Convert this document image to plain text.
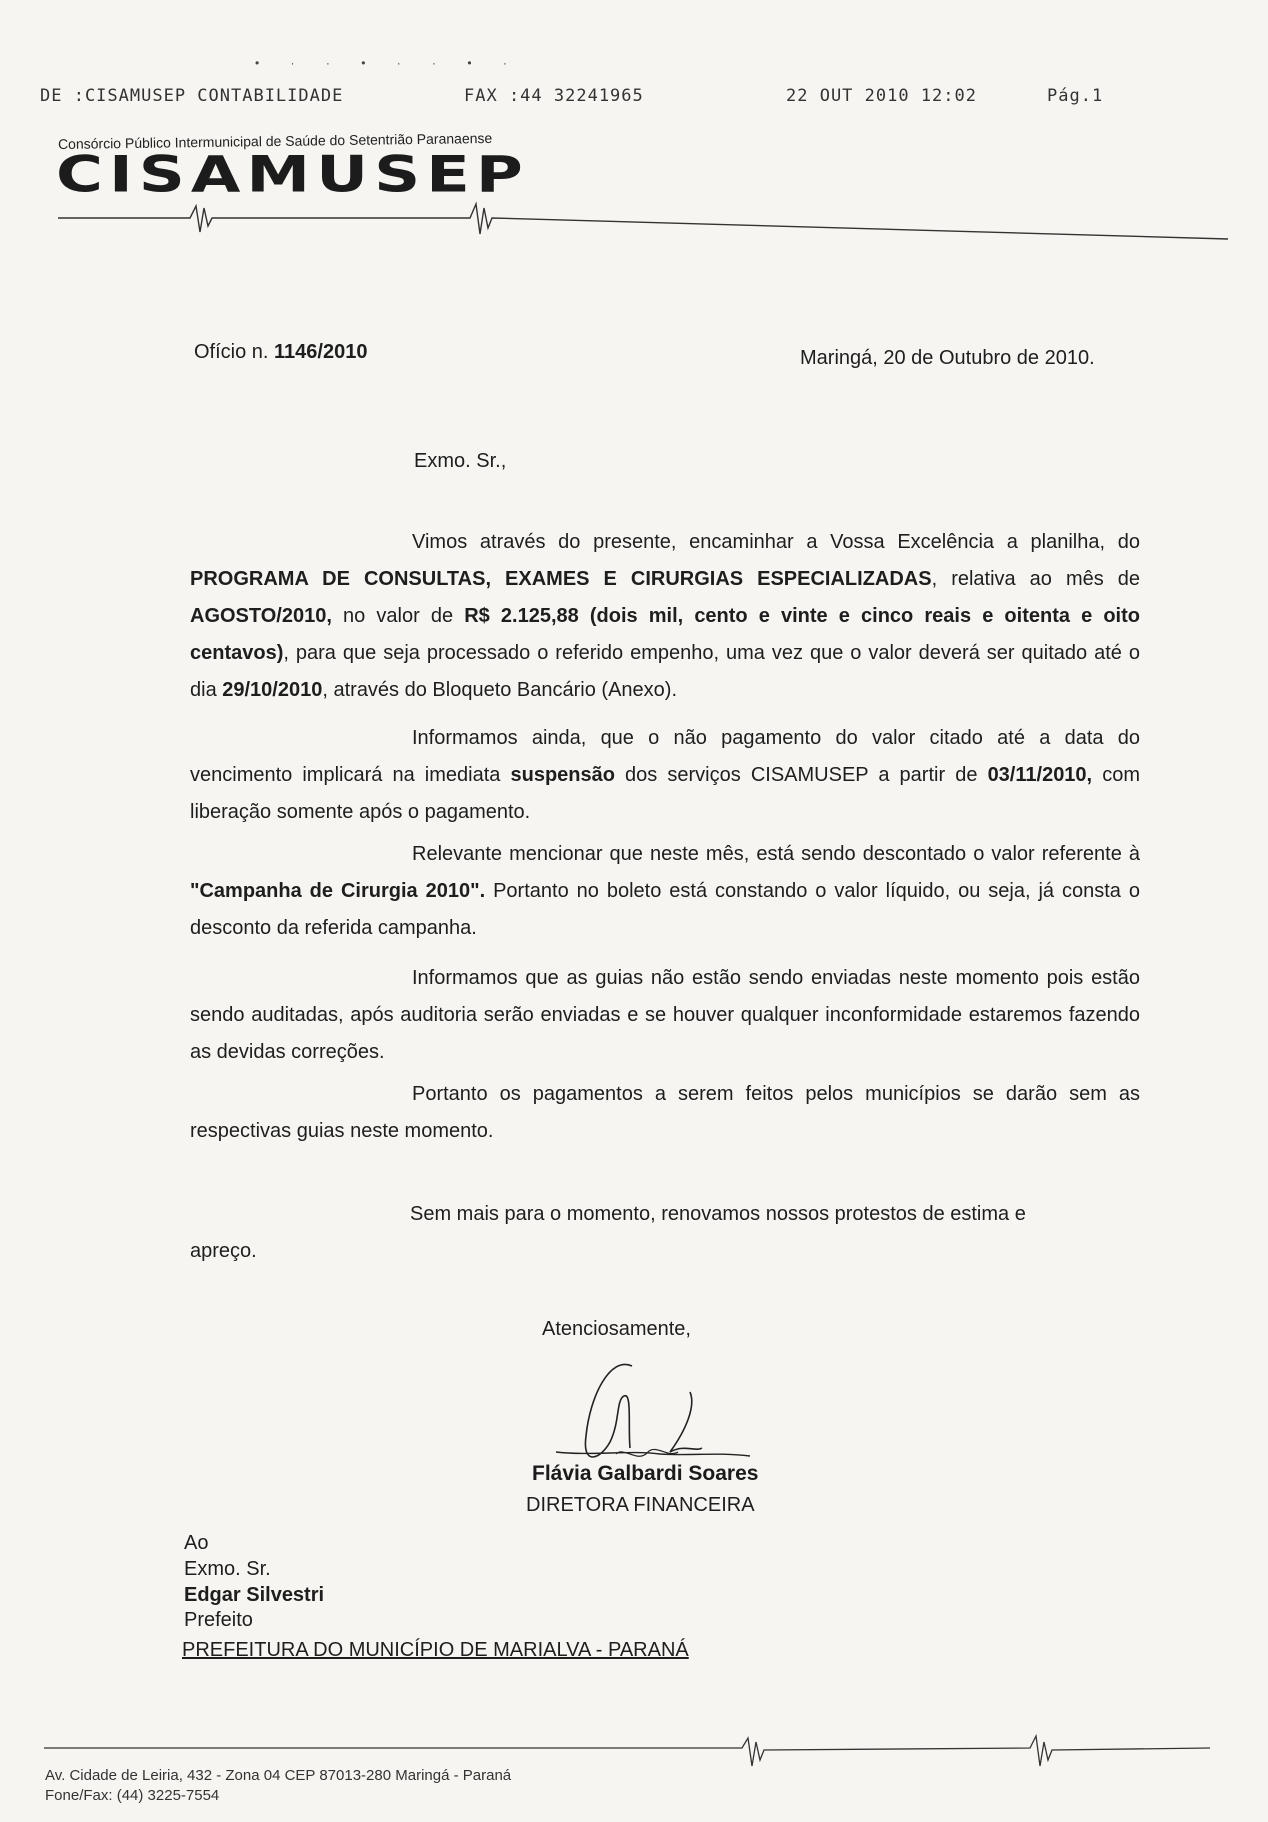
• · · • · · • ·
DE :CISAMUSEP CONTABILIDADE	FAX :44 32241965	22 OUT 2010 12:02	Pág.1
Consórcio Público Intermunicipal de Saúde do Setentrião Paranaense
CISAMUSEP
Ofício n. 1146/2010	Maringá, 20 de Outubro de 2010.
Exmo. Sr.,
Vimos através do presente, encaminhar a Vossa Excelência a planilha, do PROGRAMA DE CONSULTAS, EXAMES E CIRURGIAS ESPECIALIZADAS, relativa ao mês de AGOSTO/2010, no valor de R$ 2.125,88 (dois mil, cento e vinte e cinco reais e oitenta e oito centavos), para que seja processado o referido empenho, uma vez que o valor deverá ser quitado até o dia 29/10/2010, através do Bloqueto Bancário (Anexo).
Informamos ainda, que o não pagamento do valor citado até a data do vencimento implicará na imediata suspensão dos serviços CISAMUSEP a partir de 03/11/2010, com liberação somente após o pagamento.
Relevante mencionar que neste mês, está sendo descontado o valor referente à "Campanha de Cirurgia 2010". Portanto no boleto está constando o valor líquido, ou seja, já consta o desconto da referida campanha.
Informamos que as guias não estão sendo enviadas neste momento pois estão sendo auditadas, após auditoria serão enviadas e se houver qualquer inconformidade estaremos fazendo as devidas correções.
Portanto os pagamentos a serem feitos pelos municípios se darão sem as respectivas guias neste momento.
Sem mais para o momento, renovamos nossos protestos de estima e
apreço.
Atenciosamente,
Flávia Galbardi Soares
DIRETORA FINANCEIRA
Ao
Exmo. Sr.
Edgar Silvestri
Prefeito
PREFEITURA DO MUNICÍPIO DE MARIALVA - PARANÁ
Av. Cidade de Leiria, 432 - Zona 04 CEP 87013-280 Maringá - Paraná
Fone/Fax: (44) 3225-7554
